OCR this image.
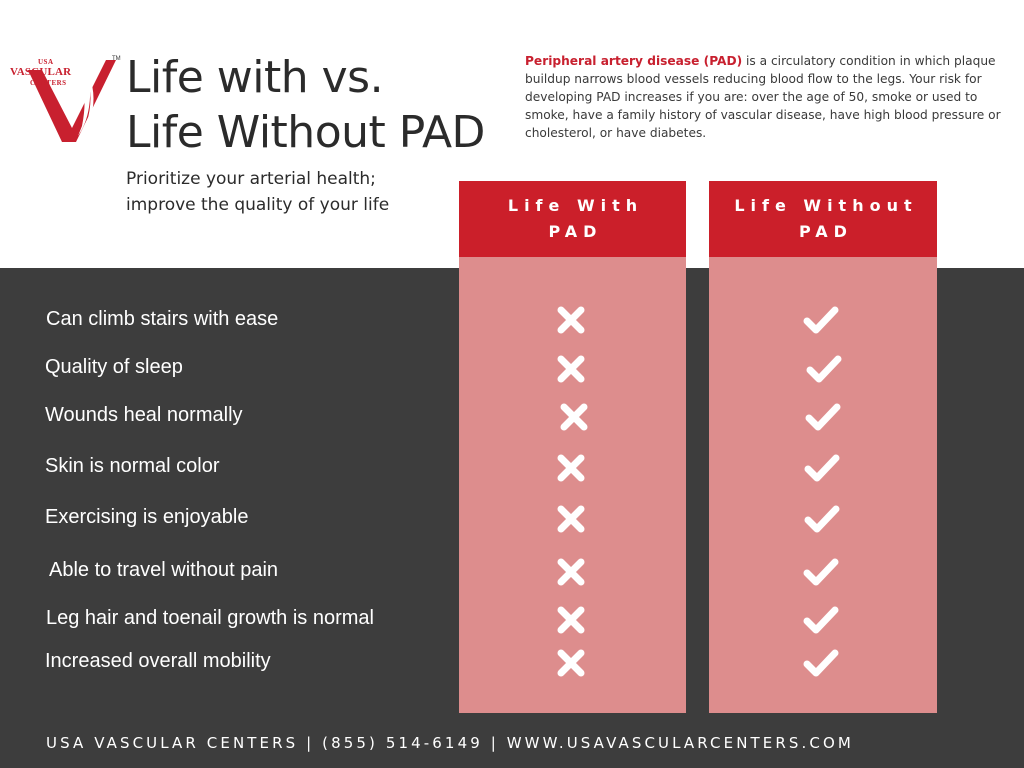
USA
VASCULAR
CENTERS
TM Life with vs.
Life Without PAD

Prioritize your arterial health;
improve the quality of your life

Peripheral artery disease (PAD) is a circulatory condition in which plaque buildup narrows blood vessels reducing blood flow to the legs. Your risk for developing PAD increases if you are: over the age of 50, smoke or used to smoke, have a family history of vascular disease, have high blood pressure or cholesterol, or have diabetes.

Life With
PAD
Life Without
PAD

Can climb stairs with ease

Quality of sleep

Wounds heal normally

Skin is normal color

Exercising is enjoyable

Able to travel without pain

Leg hair and toenail growth is normal

Increased overall mobility

USA VASCULAR CENTERS | (855) 514-6149 | WWW.USAVASCULARCENTERS.COM
